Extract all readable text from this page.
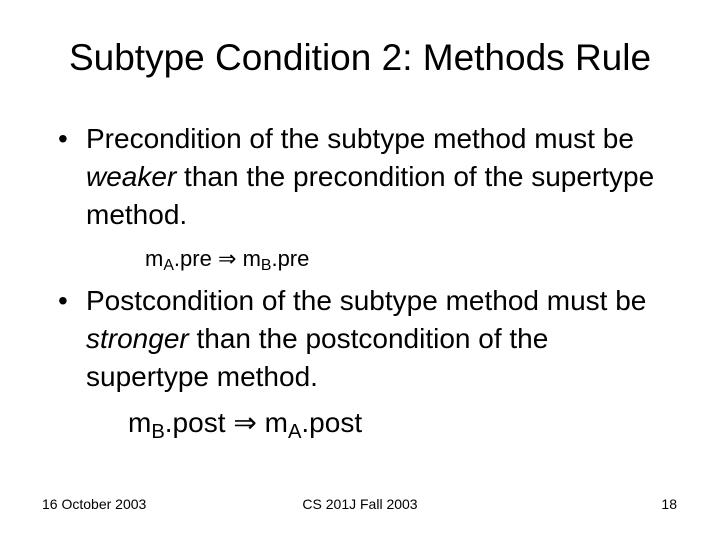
Subtype Condition 2: Methods Rule
• Precondition of the subtype method must be weaker than the precondition of the supertype method.
$m_A.pre$ ⇒ $m_B.pre$
• Postcondition of the subtype method must be stronger than the postcondition of the supertype method.
$m_B.post$ ⇒ $m_A.post$
16 October 2003	CS 201J Fall 2003	18
